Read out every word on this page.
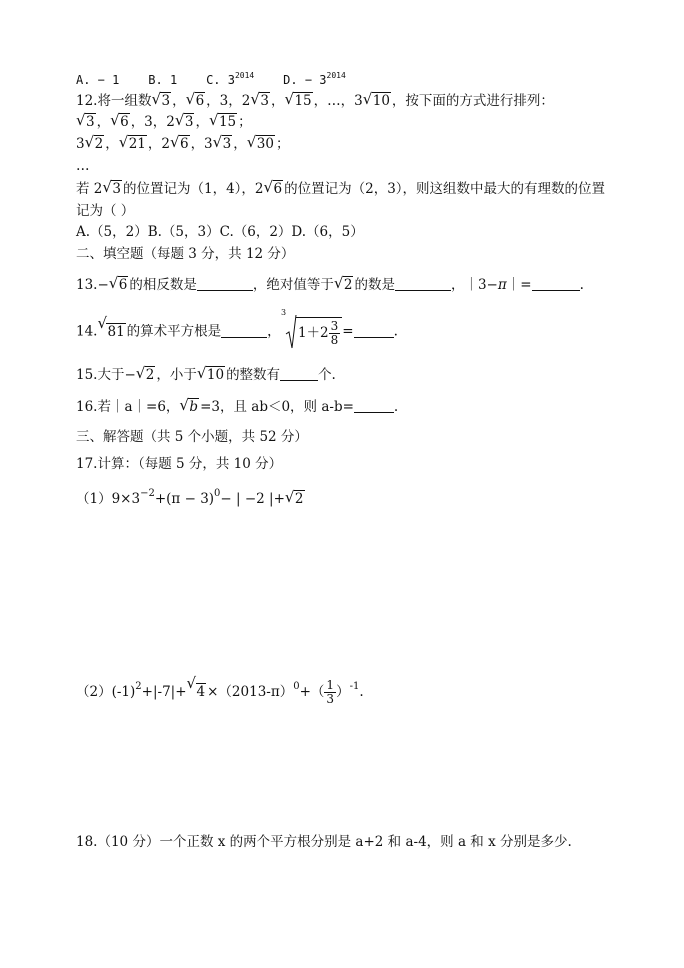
A. − 1 B. 1 C. $3^{2014}$ D. − $3^{2014}$
12.将一组数 √ 3 ， √ 6 ，3，2 √ 3 ， √ 15 ，…，3 √ 10 ，按下面的方式进行排列：
√ 3 ， √ 6 ，3，2 √ 3 ， √ 15 ；
3 √ 2 ， √ 21 ，2 √ 6 ，3 √ 3 ， √ 30 ；
…
若 2 √ 3 的位置记为（1，4），2 √ 6 的位置记为（2，3），则这组数中最大的有理数的位置
记为（ ）
A.（5，2）B.（5，3）C.（6，2）D.（6，5）
二、填空题（每题 3 分，共 12 分）
13.− √ 6 的相反数是	，绝对值等于 √ 2 的数是	，｜3−π｜=	.
14. √ 81 的算术平方根是	，
3
$1+2 \frac{3}{8}$ =	.
15.大于− √ 2 ，小于 √ 10 的整数有	个.
16.若｜a｜=6， √ b =3，且 ab＜0，则 a-b=	.
三、解答题（共 5 个小题，共 52 分）
17.计算：（每题 5 分，共 10 分）
$(1)9\times 3^{-2}+(\pi - 3)^0-$ | −2 |+ √ 2
$(2)(-1)^2+|-7|+$ √ $4 \times(2013-\pi)^0+( \frac{1}{3} )^{-1}$.
18.（10 分）一个正数 x 的两个平方根分别是 a+2 和 a-4，则 a 和 x 分别是多少.
